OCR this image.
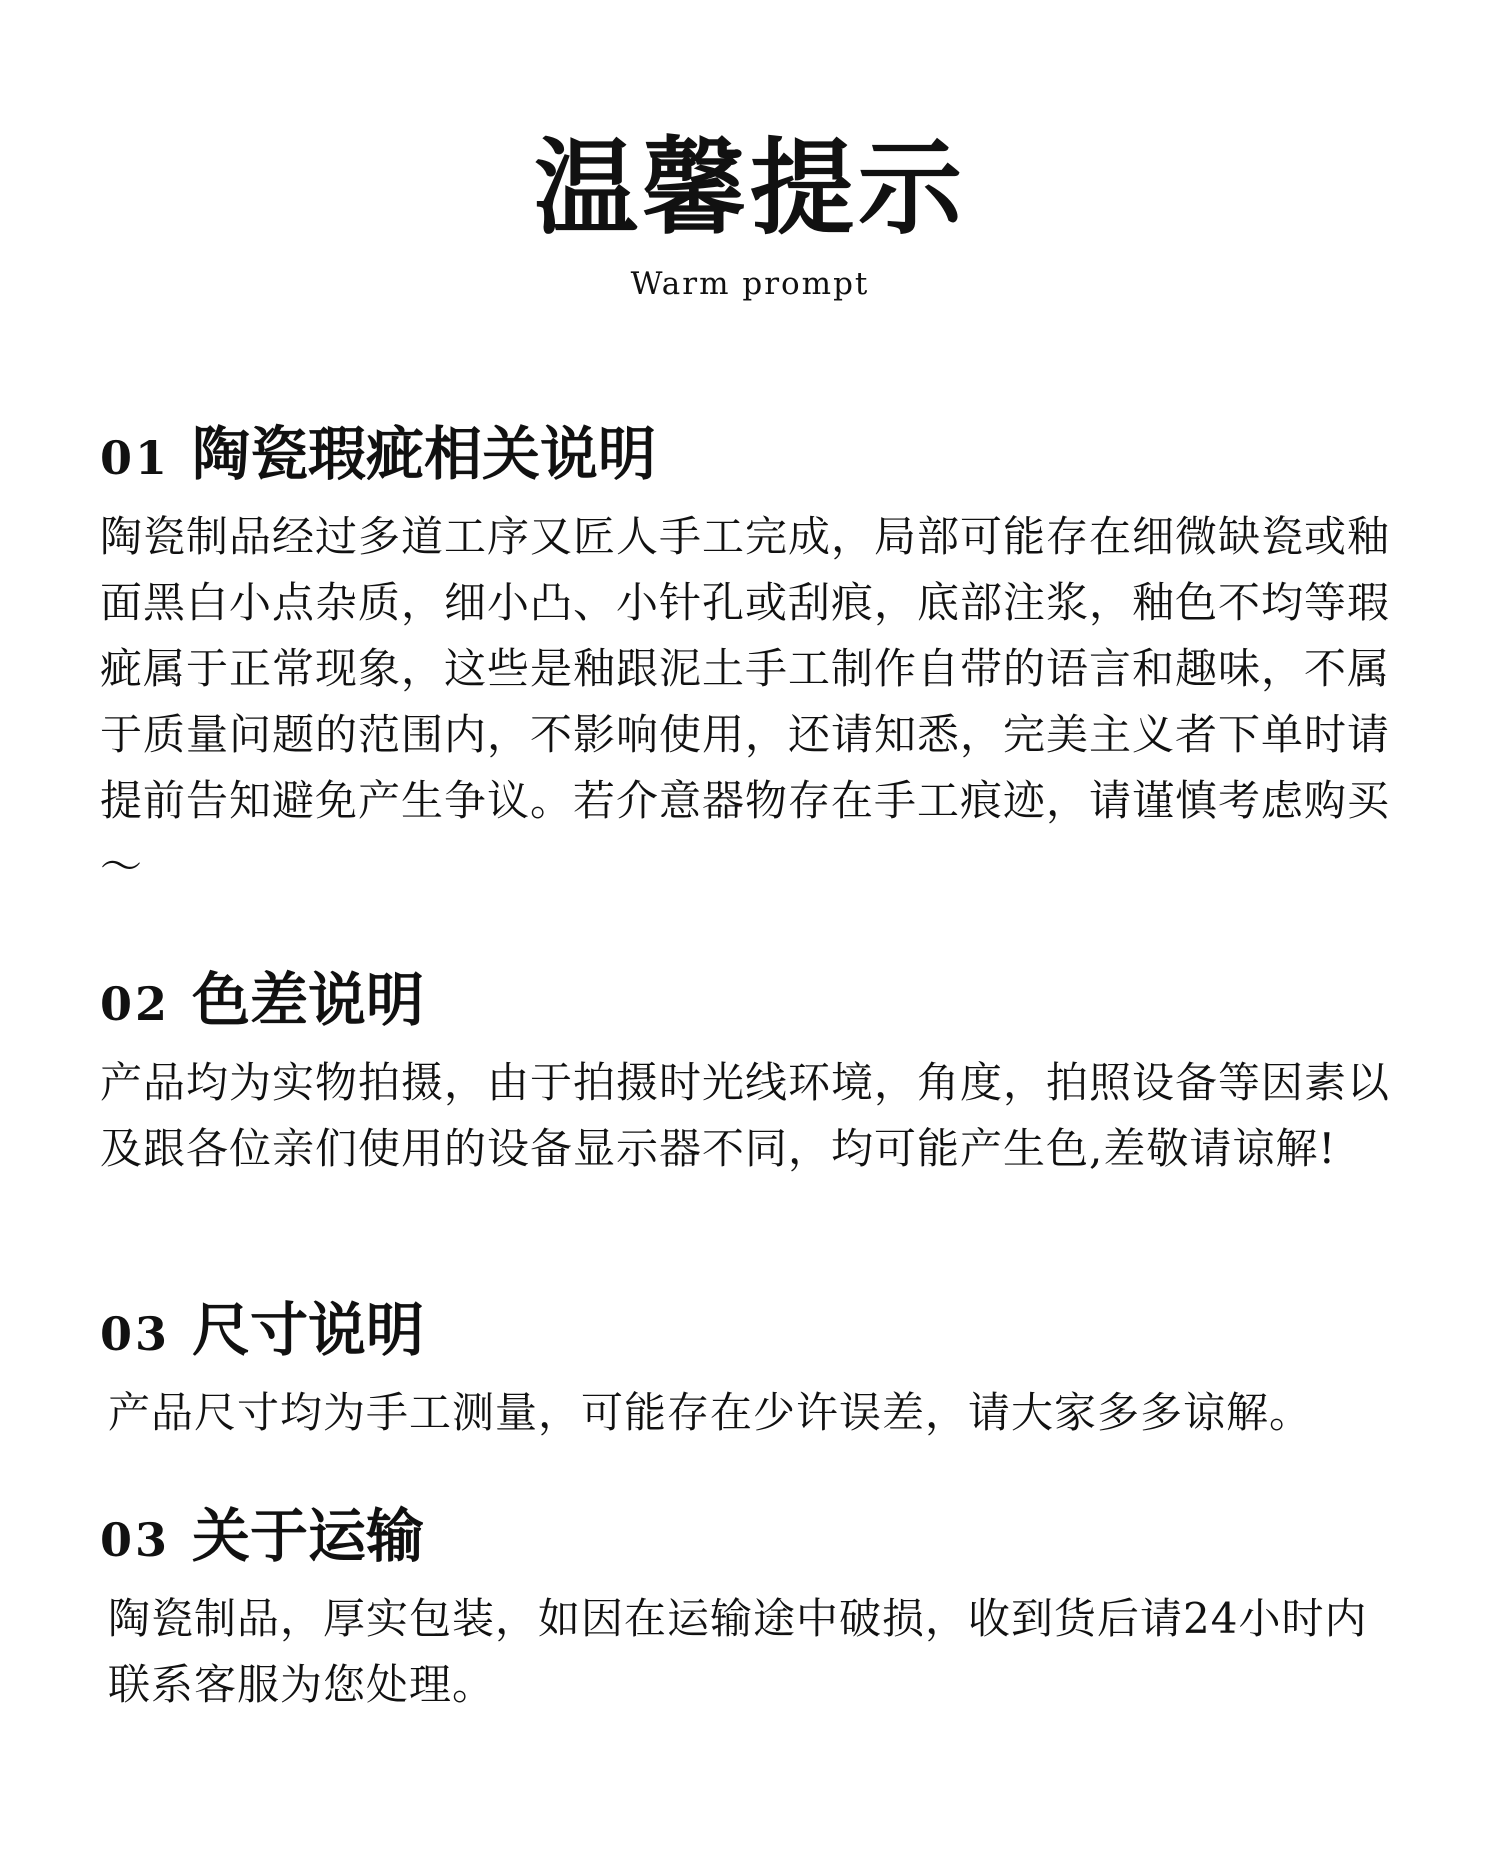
温馨提示
Warm prompt
01 陶瓷瑕疵相关说明

陶瓷制品经过多道工序又匠人手工完成，局部可能存在细微缺瓷或釉面黑白小点杂质，细小凸、小针孔或刮痕，底部注浆，釉色不均等瑕疵属于正常现象，这些是釉跟泥土手工制作自带的语言和趣味，不属于质量问题的范围内，不影响使用，还请知悉，完美主义者下单时请提前告知避免产生争议。若介意器物存在手工痕迹，请谨慎考虑购买～

02 色差说明

产品均为实物拍摄，由于拍摄时光线环境，角度，拍照设备等因素以及跟各位亲们使用的设备显示器不同，均可能产生色,差敬请谅解!

03 尺寸说明

产品尺寸均为手工测量，可能存在少许误差，请大家多多谅解。

03 关于运输

陶瓷制品，厚实包装，如因在运输途中破损，收到货后请24小时内联系客服为您处理。
